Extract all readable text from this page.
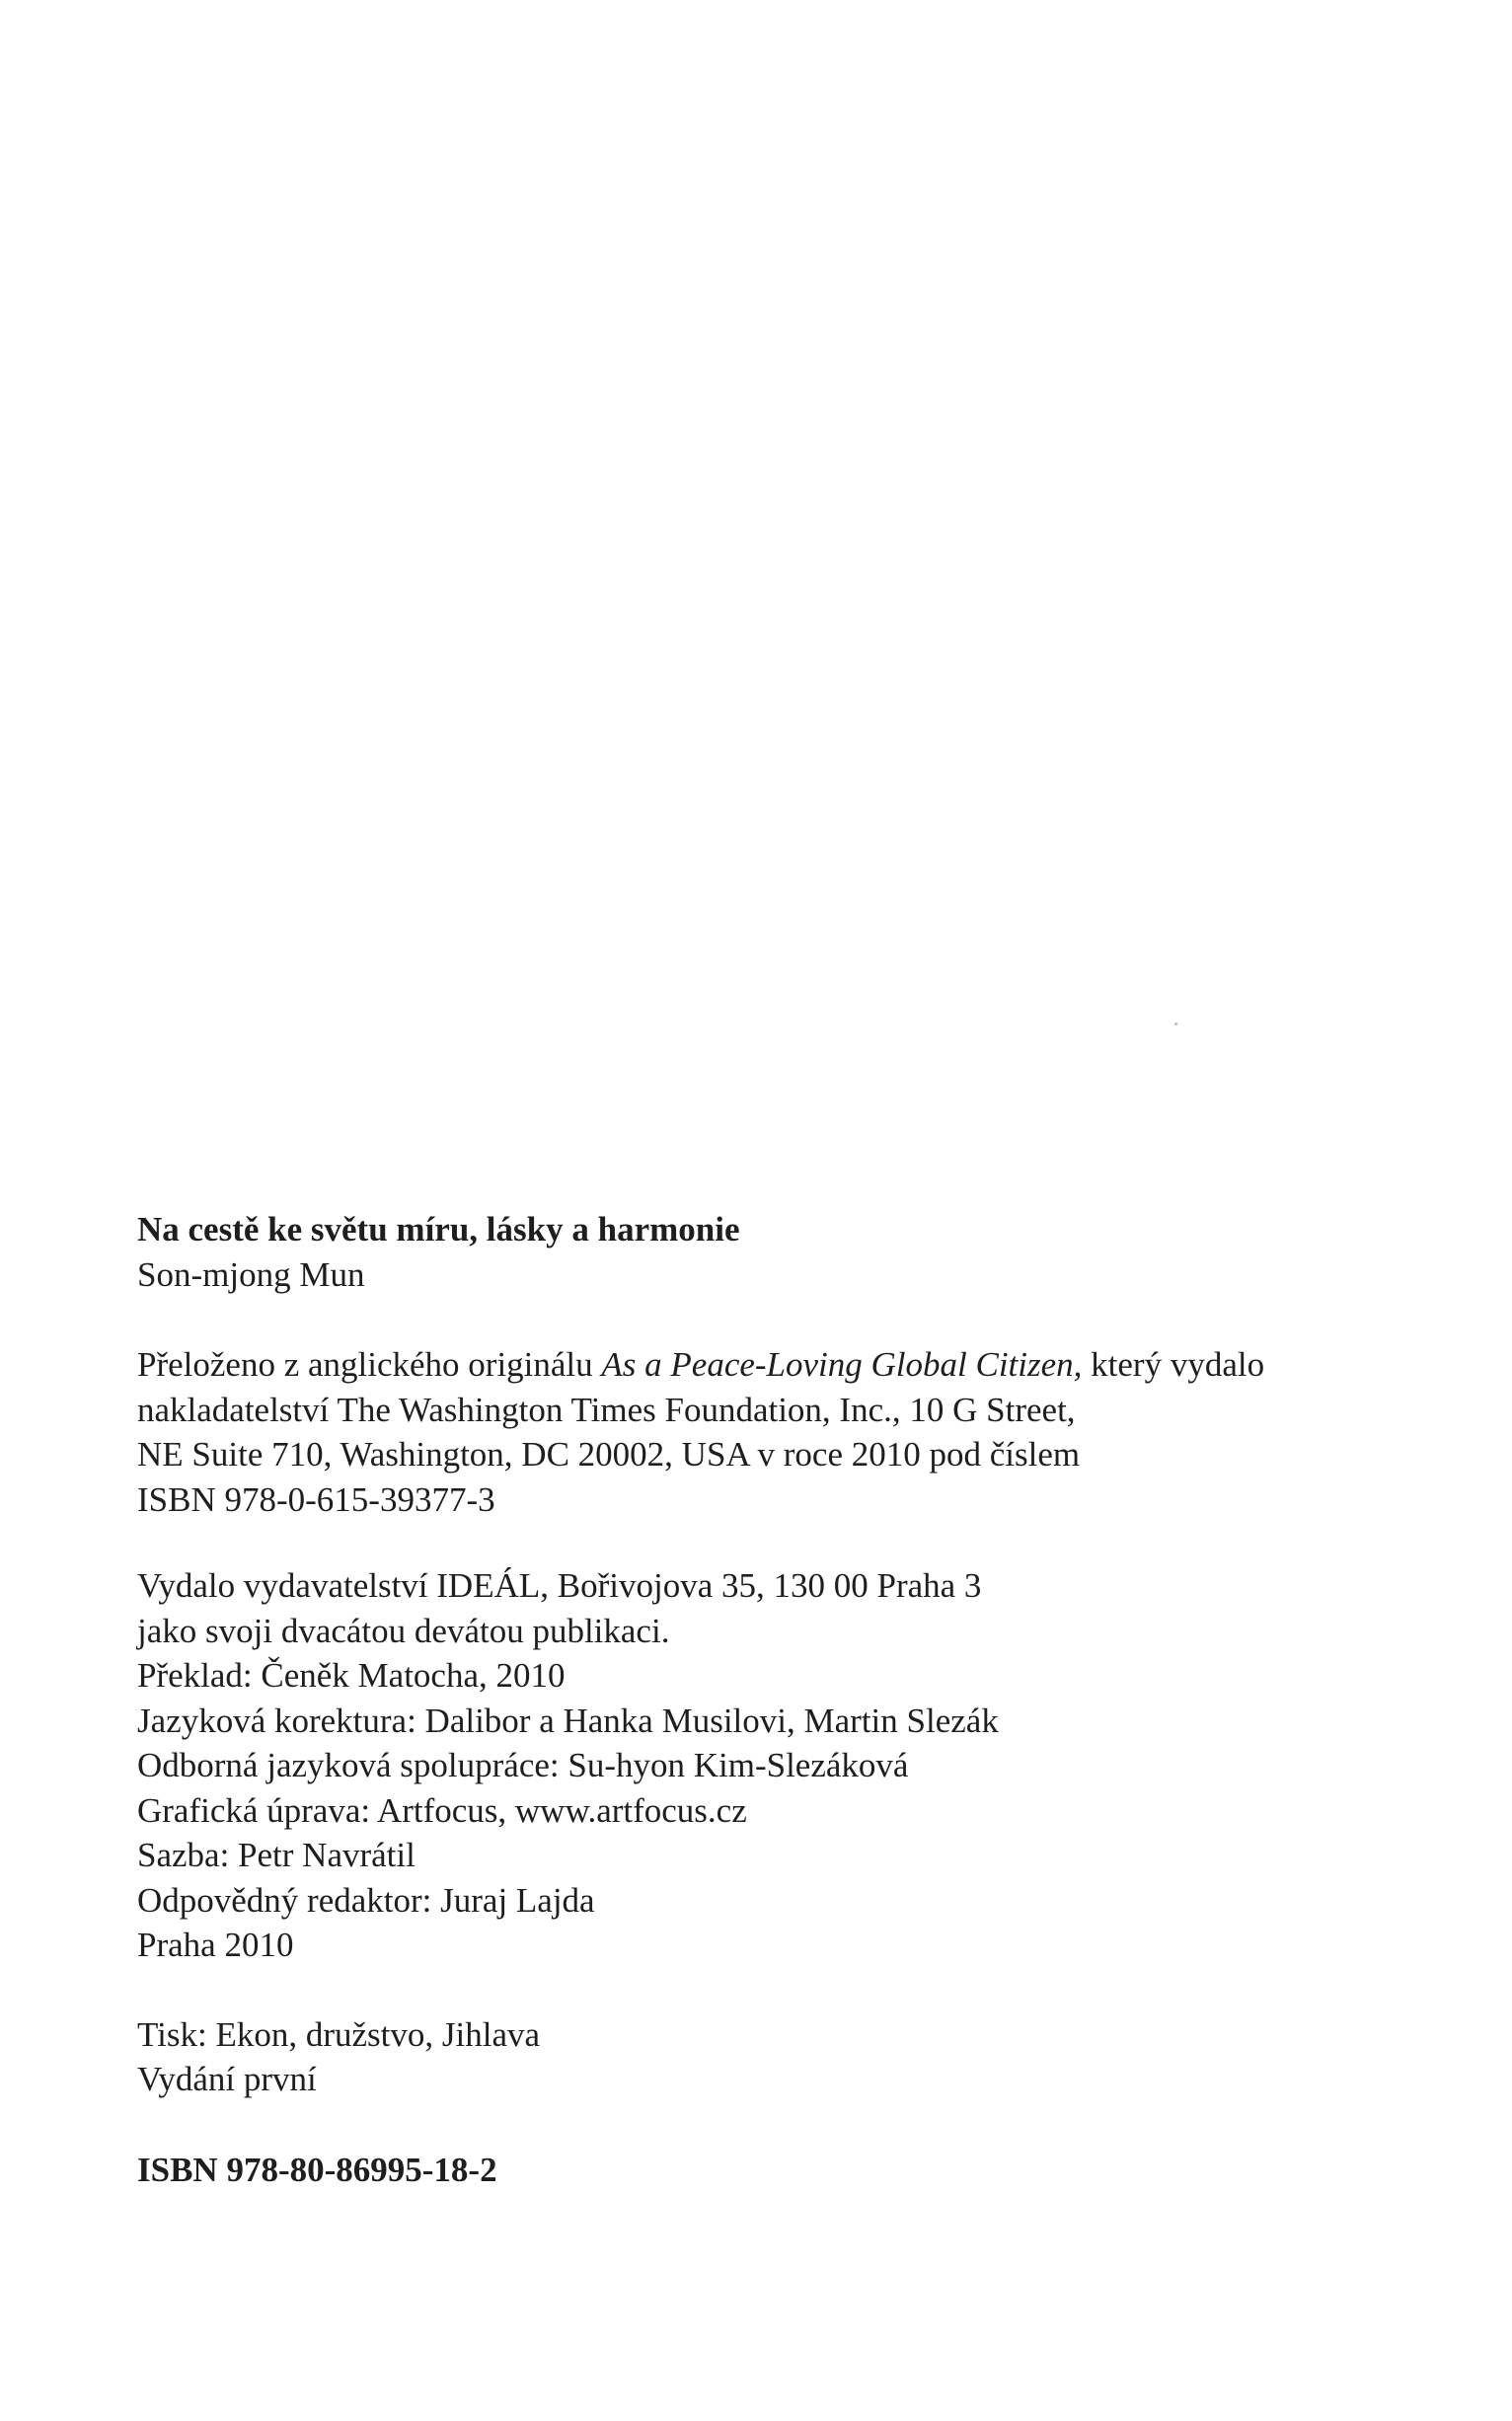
Na cestě ke světu míru, lásky a harmonie
Son-mjong Mun
Přeloženo z anglického originálu As a Peace-Loving Global Citizen, který vydalo
nakladatelství The Washington Times Foundation, Inc., 10 G Street,
NE Suite 710, Washington, DC 20002, USA v roce 2010 pod číslem
ISBN 978-0-615-39377-3
Vydalo vydavatelství IDEÁL, Bořivojova 35, 130 00 Praha 3
jako svoji dvacátou devátou publikaci.
Překlad: Čeněk Matocha, 2010
Jazyková korektura: Dalibor a Hanka Musilovi, Martin Slezák
Odborná jazyková spolupráce: Su-hyon Kim-Slezáková
Grafická úprava: Artfocus, www.artfocus.cz
Sazba: Petr Navrátil
Odpovědný redaktor: Juraj Lajda
Praha 2010
Tisk: Ekon, družstvo, Jihlava
Vydání první
ISBN 978-80-86995-18-2
